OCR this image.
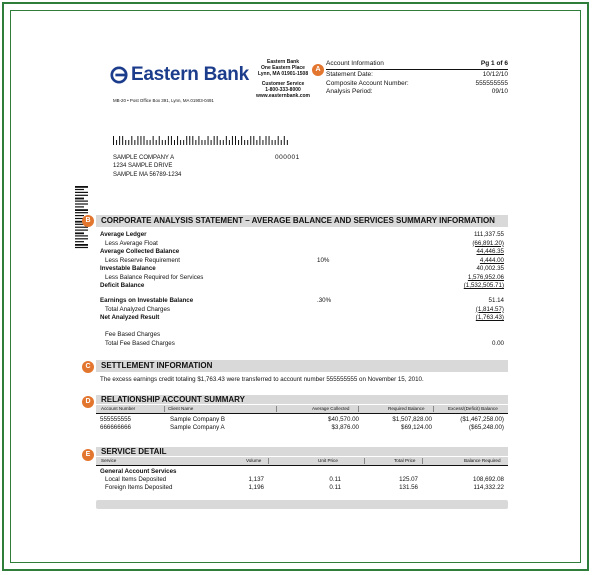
Eastern Bank
Eastern Bank
One Eastern Place
Lynn, MA 01901-1508
Customer Service
1-800-333-8000
www.easternbank.com
MB-20 • Post Office Box 391, Lynn, MA 01903-0491
A
Account Information	Pg 1 of 6
Statement Date:	10/12/10
Composite Account Number:	555555555
Analysis Period:	09/10
SAMPLE COMPANY A
1234 SAMPLE DRIVE
SAMPLE MA 56789-1234
000001
B	CORPORATE ANALYSIS STATEMENT – AVERAGE BALANCE AND SERVICES SUMMARY INFORMATION
Average Ledger	111,337.55
Less Average Float	(66,891.20)
Average Collected Balance	44,446.35
Less Reserve Requirement	10%	4,444.00
Investable Balance	40,002.35
Less Balance Required for Services	1,576,952.06
Deficit Balance	(1,532,505.71)
Earnings on Investable Balance	.30%	51.14
Total Analyzed Charges	(1,814.57)
Net Analyzed Result	(1,763.43)
Fee Based Charges
Total Fee Based Charges	0.00
C	SETTLEMENT INFORMATION
The excess earnings credit totaling $1,763.43 were transferred to account number 555555555 on November 15, 2010.
D	RELATIONSHIP ACCOUNT SUMMARY
Account Number	Client Name	Average Collected	Required Balance	Excess/(Deficit) Balance
555555555	Sample Company B	$40,570.00	$1,507,828.00	($1,467,258.00)
666666666	Sample Company A	$3,876.00	$69,124.00	($65,248.00)
E	SERVICE DETAIL
Service	Volume	Unit Price	Total Price	Balance Required
General Account Services
Local Items Deposited	1,137	0.11	125.07	108,692.08
Foreign Items Deposited	1,196	0.11	131.56	114,332.22
